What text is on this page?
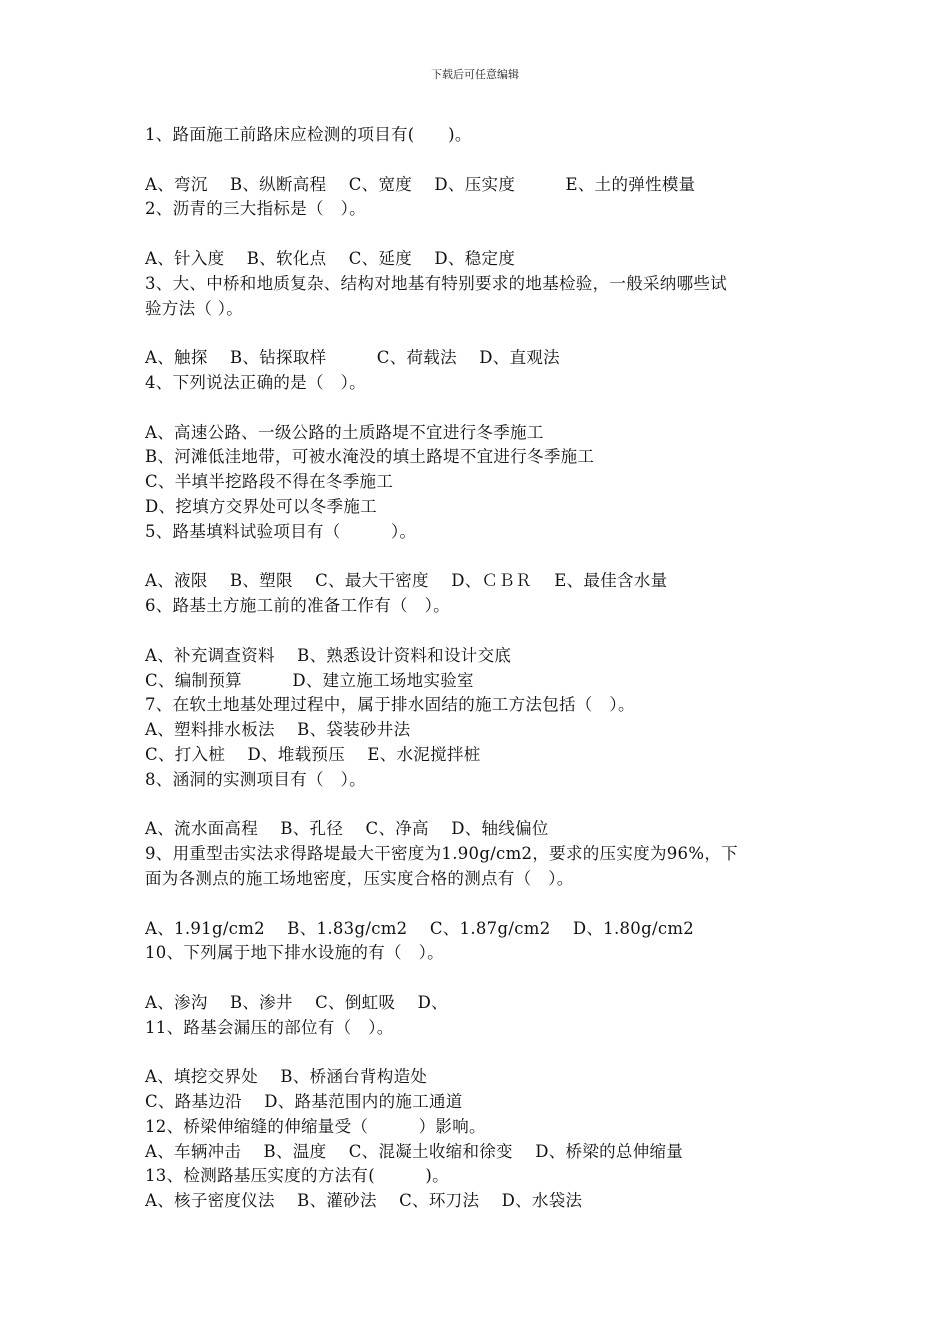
下载后可任意编辑
1、路面施工前路床应检测的项目有(　　)。
A、弯沉　 B、纵断高程　 C、宽度　 D、压实度　　　E、土的弹性模量
2、沥青的三大指标是（　）。
A、针入度　 B、软化点　 C、延度　 D、稳定度
3、大、中桥和地质复杂、结构对地基有特别要求的地基检验，一般采纳哪些试
验方法（ ）。
A、触探　 B、钻探取样　　　C、荷载法　 D、直观法
4、下列说法正确的是（　）。
A、高速公路、一级公路的土质路堤不宜进行冬季施工
B、河滩低洼地带，可被水淹没的填土路堤不宜进行冬季施工
C、半填半挖路段不得在冬季施工
D、挖填方交界处可以冬季施工
5、路基填料试验项目有（　　　）。
A、液限　 B、塑限　 C、最大干密度　 D、ＣＢＲ　 E、最佳含水量
6、路基土方施工前的准备工作有（　）。
A、补充调查资料　 B、熟悉设计资料和设计交底
C、编制预算　　　D、建立施工场地实验室
7、在软土地基处理过程中，属于排水固结的施工方法包括（　）。
A、塑料排水板法　 B、袋装砂井法
C、打入桩　 D、堆载预压　 E、水泥搅拌桩
8、涵洞的实测项目有（　）。
A、流水面高程　 B、孔径　 C、净高　 D、轴线偏位
9、用重型击实法求得路堤最大干密度为1.90g/cm2，要求的压实度为96%，下
面为各测点的施工场地密度，压实度合格的测点有（　）。
A、1.91g/cm2　 B、1.83g/cm2　 C、1.87g/cm2　 D、1.80g/cm2
10、下列属于地下排水设施的有（　）。
A、渗沟　 B、渗井　 C、倒虹吸　 D、
11、路基会漏压的部位有（　）。
A、填挖交界处　 B、桥涵台背构造处
C、路基边沿　 D、路基范围内的施工通道
12、桥梁伸缩缝的伸缩量受（　　　）影响。
A、车辆冲击　 B、温度　 C、混凝土收缩和徐变　 D、桥梁的总伸缩量
13、检测路基压实度的方法有(　　　)。
A、核子密度仪法　 B、灌砂法　 C、环刀法　 D、水袋法
